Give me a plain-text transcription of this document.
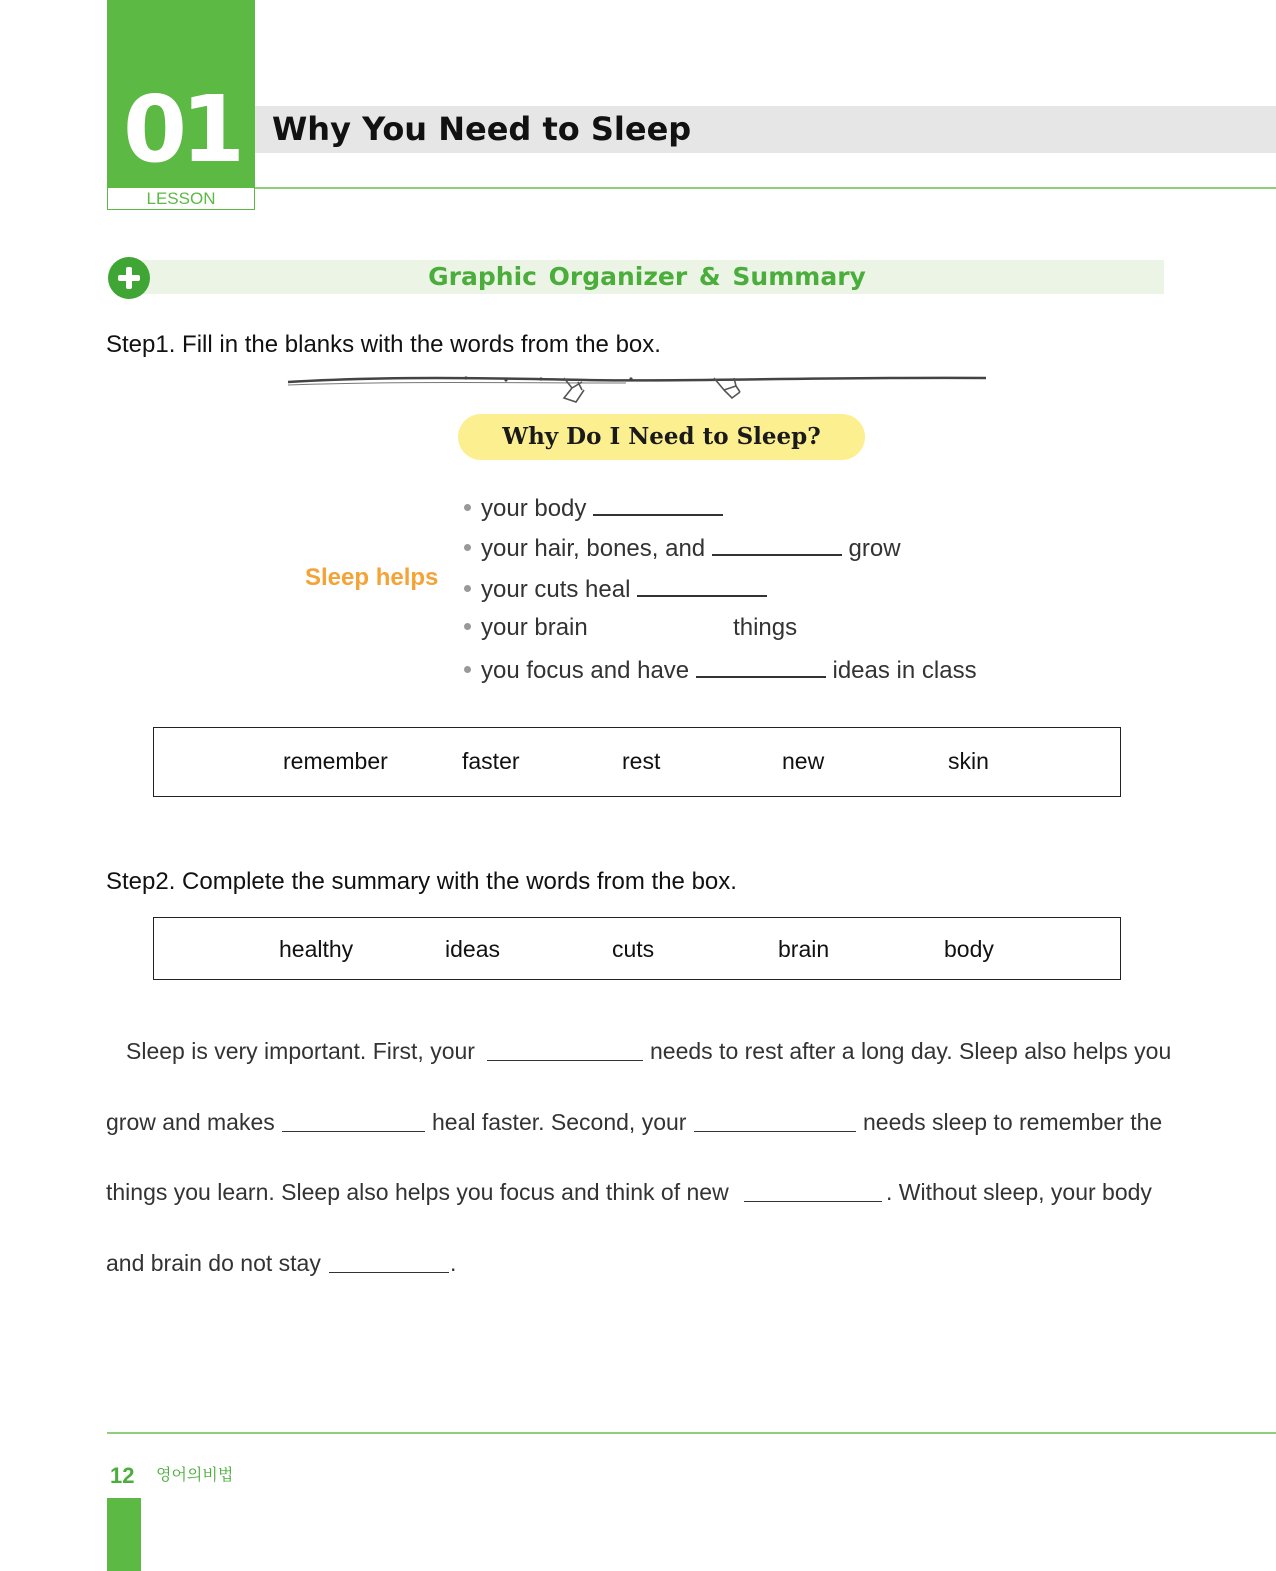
01
LESSON
Why You Need to Sleep
Graphic Organizer & Summary
Step1. Fill in the blanks with the words from the box.
Why Do I Need to Sleep?
Sleep helps
your body
your hair, bones, and	grow
your cuts heal
your brain	things
you focus and have	ideas in class
remember	faster	rest	new	skin
Step2. Complete the summary with the words from the box.
healthy	ideas	cuts	brain	body
Sleep is very important. First, your	needs to rest after a long day. Sleep also helps you
grow and makes	heal faster. Second, your	needs sleep to remember the
things you learn. Sleep also helps you focus and think of new	. Without sleep, your body
and brain do not stay	.
12 영어의비법
